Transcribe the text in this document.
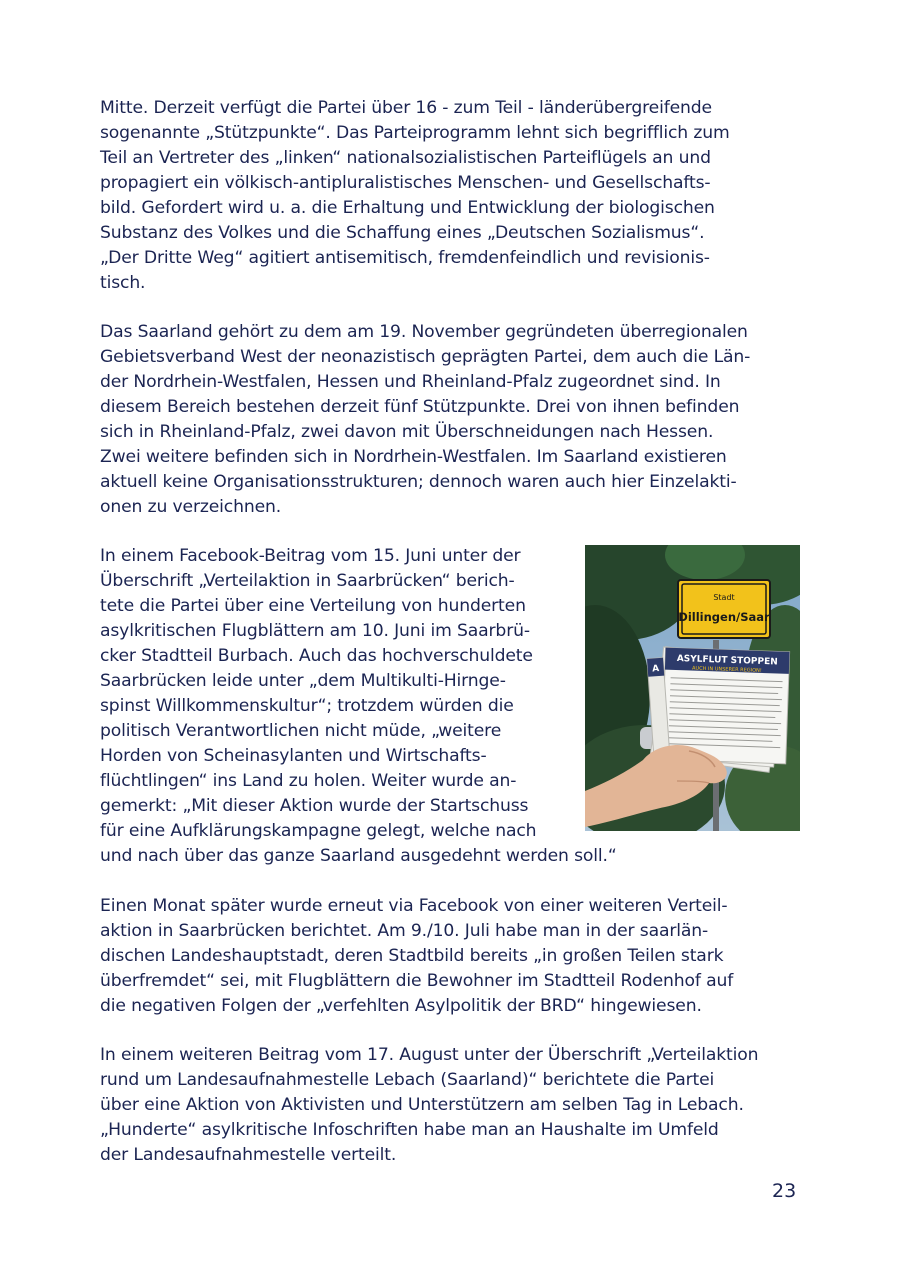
Mitte. Derzeit verfügt die Partei über 16 - zum Teil - länderübergreifende
sogenannte „Stützpunkte“. Das Parteiprogramm lehnt sich begrifflich zum
Teil an Vertreter des „linken“ nationalsozialistischen Parteiflügels an und
propagiert ein völkisch-antipluralistisches Menschen- und Gesellschafts-
bild. Gefordert wird u. a. die Erhaltung und Entwicklung der biologischen
Substanz des Volkes und die Schaffung eines „Deutschen Sozialismus“.
„Der Dritte Weg“ agitiert antisemitisch, fremdenfeindlich und revisionis-
tisch.
Das Saarland gehört zu dem am 19. November gegründeten überregionalen
Gebietsverband West der neonazistisch geprägten Partei, dem auch die Län-
der Nordrhein-Westfalen, Hessen und Rheinland-Pfalz zugeordnet sind. In
diesem Bereich bestehen derzeit fünf Stützpunkte. Drei von ihnen befinden
sich in Rheinland-Pfalz, zwei davon mit Überschneidungen nach Hessen.
Zwei weitere befinden sich in Nordrhein-Westfalen. Im Saarland existieren
aktuell keine Organisationsstrukturen; dennoch waren auch hier Einzelakti-
onen zu verzeichnen.
In einem Facebook-Beitrag vom 15. Juni unter der
Überschrift „Verteilaktion in Saarbrücken“ berich-
tete die Partei über eine Verteilung von hunderten
asylkritischen Flugblättern am 10. Juni im Saarbrü-
cker Stadtteil Burbach. Auch das hochverschuldete
Saarbrücken leide unter „dem Multikulti-Hirnge-
spinst Willkommenskultur“; trotzdem würden die
politisch Verantwortlichen nicht müde, „weitere
Horden von Scheinasylanten und Wirtschafts-
flüchtlingen“ ins Land zu holen. Weiter wurde an-
gemerkt: „Mit dieser Aktion wurde der Startschuss
für eine Aufklärungskampagne gelegt, welche nach
und nach über das ganze Saarland ausgedehnt werden soll.“
Stadt
Dillingen/Saar
ASYLFLUT STOPPEN
AUCH IN UNSERER REGION!
A
Einen Monat später wurde erneut via Facebook von einer weiteren Verteil-
aktion in Saarbrücken berichtet. Am 9./10. Juli habe man in der saarlän-
dischen Landeshauptstadt, deren Stadtbild bereits „in großen Teilen stark
überfremdet“ sei, mit Flugblättern die Bewohner im Stadtteil Rodenhof auf
die negativen Folgen der „verfehlten Asylpolitik der BRD“ hingewiesen.
In einem weiteren Beitrag vom 17. August unter der Überschrift „Verteilaktion
rund um Landesaufnahmestelle Lebach (Saarland)“ berichtete die Partei
über eine Aktion von Aktivisten und Unterstützern am selben Tag in Lebach.
„Hunderte“ asylkritische Infoschriften habe man an Haushalte im Umfeld
der Landesaufnahmestelle verteilt.
23
